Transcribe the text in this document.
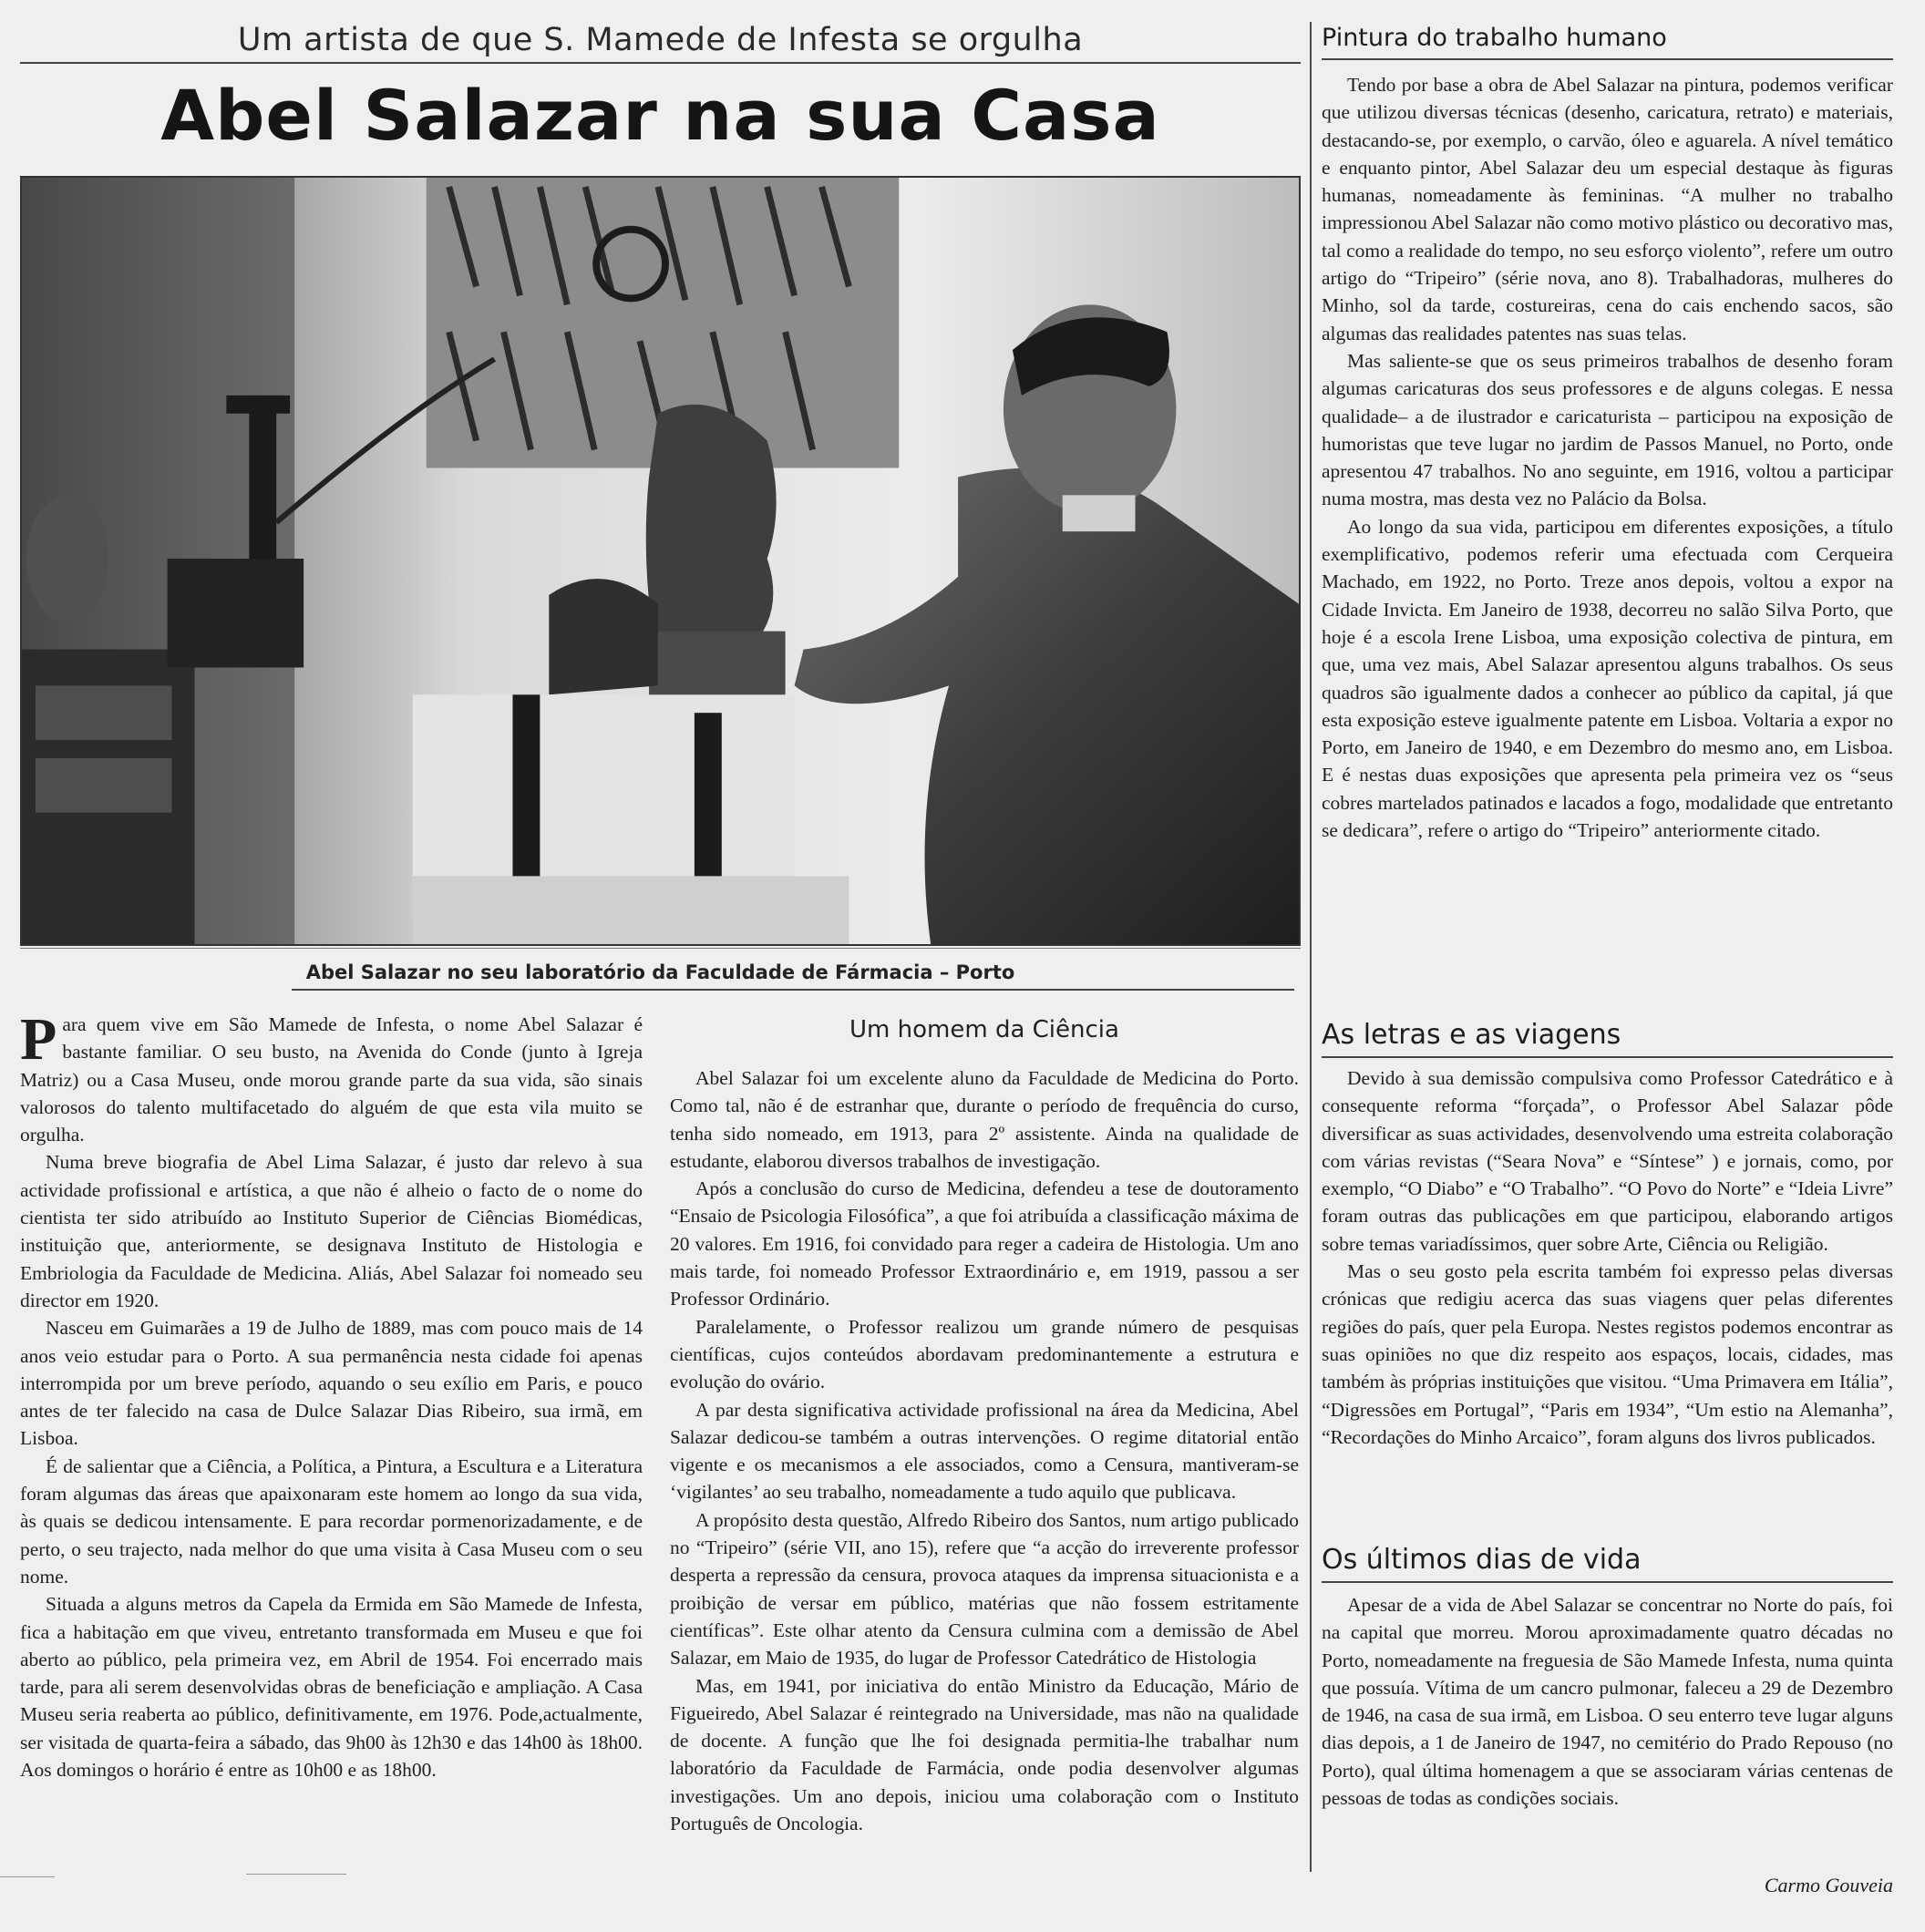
Um artista de que S. Mamede de Infesta se orgulha
Abel Salazar na sua Casa
Abel Salazar no seu laboratório da Faculdade de Fármacia – Porto

Para quem vive em São Mamede de Infesta, o nome Abel Salazar é bastante familiar. O seu busto, na Avenida do Conde (junto à Igreja Matriz) ou a Casa Museu, onde morou grande parte da sua vida, são sinais valorosos do talento multifacetado do alguém de que esta vila muito se orgulha.

Numa breve biografia de Abel Lima Salazar, é justo dar relevo à sua actividade profissional e artística, a que não é alheio o facto de o nome do cientista ter sido atribuído ao Instituto Superior de Ciências Biomédicas, instituição que, anteriormente, se designava Instituto de Histologia e Embriologia da Faculdade de Medicina. Aliás, Abel Salazar foi nomeado seu director em 1920.

Nasceu em Guimarães a 19 de Julho de 1889, mas com pouco mais de 14 anos veio estudar para o Porto. A sua permanência nesta cidade foi apenas interrompida por um breve período, aquando o seu exílio em Paris, e pouco antes de ter falecido na casa de Dulce Salazar Dias Ribeiro, sua irmã, em Lisboa.

É de salientar que a Ciência, a Política, a Pintura, a Escultura e a Literatura foram algumas das áreas que apaixonaram este homem ao longo da sua vida, às quais se dedicou intensamente. E para recordar pormenorizadamente, e de perto, o seu trajecto, nada melhor do que uma visita à Casa Museu com o seu nome.

Situada a alguns metros da Capela da Ermida em São Mamede de Infesta, fica a habitação em que viveu, entretanto transformada em Museu e que foi aberto ao público, pela primeira vez, em Abril de 1954. Foi encerrado mais tarde, para ali serem desenvolvidas obras de beneficiação e ampliação. A Casa Museu seria reaberta ao público, definitivamente, em 1976. Pode,actualmente, ser visitada de quarta-feira a sábado, das 9h00 às 12h30 e das 14h00 às 18h00. Aos domingos o horário é entre as 10h00 e as 18h00.

Um homem da Ciência

Abel Salazar foi um excelente aluno da Faculdade de Medicina do Porto. Como tal, não é de estranhar que, durante o período de frequência do curso, tenha sido nomeado, em 1913, para 2º assistente. Ainda na qualidade de estudante, elaborou diversos trabalhos de investigação.

Após a conclusão do curso de Medicina, defendeu a tese de doutoramento “Ensaio de Psicologia Filosófica”, a que foi atribuída a classificação máxima de 20 valores. Em 1916, foi convidado para reger a cadeira de Histologia. Um ano mais tarde, foi nomeado Professor Extraordinário e, em 1919, passou a ser Professor Ordinário.

Paralelamente, o Professor realizou um grande número de pesquisas científicas, cujos conteúdos abordavam predominantemente a estrutura e evolução do ovário.

A par desta significativa actividade profissional na área da Medicina, Abel Salazar dedicou-se também a outras intervenções. O regime ditatorial então vigente e os mecanismos a ele associados, como a Censura, mantiveram-se ‘vigilantes’ ao seu trabalho, nomeadamente a tudo aquilo que publicava.

A propósito desta questão, Alfredo Ribeiro dos Santos, num artigo publicado no “Tripeiro” (série VII, ano 15), refere que “a acção do irreverente professor desperta a repressão da censura, provoca ataques da imprensa situacionista e a proibição de versar em público, matérias que não fossem estritamente científicas”. Este olhar atento da Censura culmina com a demissão de Abel Salazar, em Maio de 1935, do lugar de Professor Catedrático de Histologia

Mas, em 1941, por iniciativa do então Ministro da Educação, Mário de Figueiredo, Abel Salazar é reintegrado na Universidade, mas não na qualidade de docente. A função que lhe foi designada permitia-lhe trabalhar num laboratório da Faculdade de Farmácia, onde podia desenvolver algumas investigações. Um ano depois, iniciou uma colaboração com o Instituto Português de Oncologia.

Pintura do trabalho humano

Tendo por base a obra de Abel Salazar na pintura, podemos verificar que utilizou diversas técnicas (desenho, caricatura, retrato) e materiais, destacando-se, por exemplo, o carvão, óleo e aguarela. A nível temático e enquanto pintor, Abel Salazar deu um especial destaque às figuras humanas, nomeadamente às femininas. “A mulher no trabalho impressionou Abel Salazar não como motivo plástico ou decorativo mas, tal como a realidade do tempo, no seu esforço violento”, refere um outro artigo do “Tripeiro” (série nova, ano 8). Trabalhadoras, mulheres do Minho, sol da tarde, costureiras, cena do cais enchendo sacos, são algumas das realidades patentes nas suas telas.

Mas saliente-se que os seus primeiros trabalhos de desenho foram algumas caricaturas dos seus professores e de alguns colegas. E nessa qualidade– a de ilustrador e caricaturista – participou na exposição de humoristas que teve lugar no jardim de Passos Manuel, no Porto, onde apresentou 47 trabalhos. No ano seguinte, em 1916, voltou a participar numa mostra, mas desta vez no Palácio da Bolsa.

Ao longo da sua vida, participou em diferentes exposições, a título exemplificativo, podemos referir uma efectuada com Cerqueira Machado, em 1922, no Porto. Treze anos depois, voltou a expor na Cidade Invicta. Em Janeiro de 1938, decorreu no salão Silva Porto, que hoje é a escola Irene Lisboa, uma exposição colectiva de pintura, em que, uma vez mais, Abel Salazar apresentou alguns trabalhos. Os seus quadros são igualmente dados a conhecer ao público da capital, já que esta exposição esteve igualmente patente em Lisboa. Voltaria a expor no Porto, em Janeiro de 1940, e em Dezembro do mesmo ano, em Lisboa. E é nestas duas exposições que apresenta pela primeira vez os “seus cobres martelados patinados e lacados a fogo, modalidade que entretanto se dedicara”, refere o artigo do “Tripeiro” anteriormente citado.

As letras e as viagens

Devido à sua demissão compulsiva como Professor Catedrático e à consequente reforma “forçada”, o Professor Abel Salazar pôde diversificar as suas actividades, desenvolvendo uma estreita colaboração com várias revistas (“Seara Nova” e “Síntese” ) e jornais, como, por exemplo, “O Diabo” e “O Trabalho”. “O Povo do Norte” e “Ideia Livre” foram outras das publicações em que participou, elaborando artigos sobre temas variadíssimos, quer sobre Arte, Ciência ou Religião.

Mas o seu gosto pela escrita também foi expresso pelas diversas crónicas que redigiu acerca das suas viagens quer pelas diferentes regiões do país, quer pela Europa. Nestes registos podemos encontrar as suas opiniões no que diz respeito aos espaços, locais, cidades, mas também às próprias instituições que visitou. “Uma Primavera em Itália”, “Digressões em Portugal”, “Paris em 1934”, “Um estio na Alemanha”, “Recordações do Minho Arcaico”, foram alguns dos livros publicados.

Os últimos dias de vida

Apesar de a vida de Abel Salazar se concentrar no Norte do país, foi na capital que morreu. Morou aproximadamente quatro décadas no Porto, nomeadamente na freguesia de São Mamede Infesta, numa quinta que possuía. Vítima de um cancro pulmonar, faleceu a 29 de Dezembro de 1946, na casa de sua irmã, em Lisboa. O seu enterro teve lugar alguns dias depois, a 1 de Janeiro de 1947, no cemitério do Prado Repouso (no Porto), qual última homenagem a que se associaram várias centenas de pessoas de todas as condições sociais.

Carmo Gouveia
